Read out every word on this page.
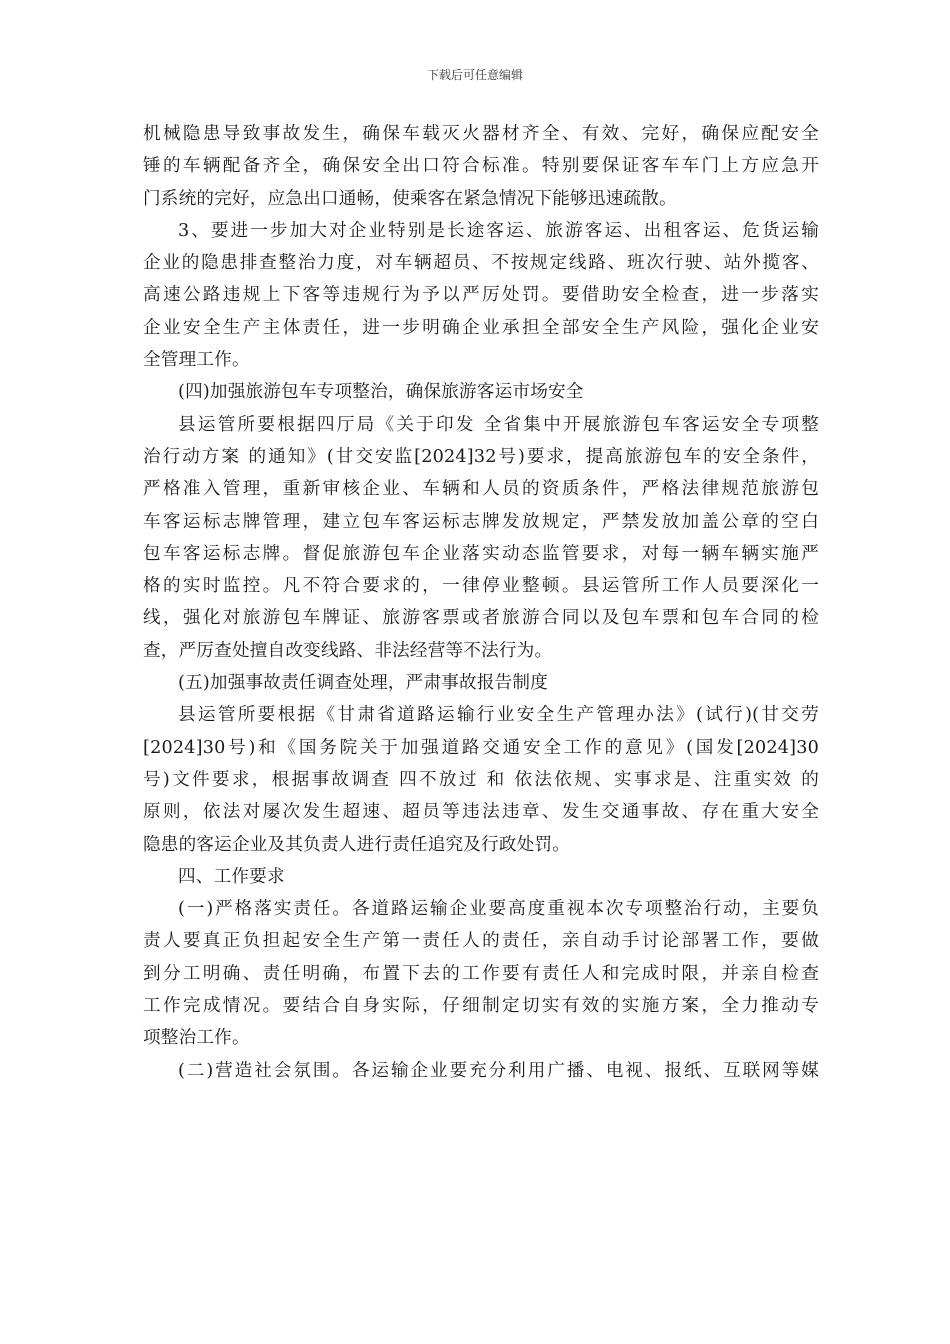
下载后可任意编辑
机械隐患导致事故发生，确保车载灭火器材齐全、有效、完好，确保应配安全
锤的车辆配备齐全，确保安全出口符合标准。特别要保证客车车门上方应急开
门系统的完好，应急出口通畅，使乘客在紧急情况下能够迅速疏散。
3、要进一步加大对企业特别是长途客运、旅游客运、出租客运、危货运输
企业的隐患排查整治力度，对车辆超员、不按规定线路、班次行驶、站外揽客、
高速公路违规上下客等违规行为予以严厉处罚。要借助安全检查，进一步落实
企业安全生产主体责任，进一步明确企业承担全部安全生产风险，强化企业安
全管理工作。
(四)加强旅游包车专项整治，确保旅游客运市场安全
县运管所要根据四厅局《关于印发 全省集中开展旅游包车客运安全专项整
治行动方案 的通知》(甘交安监[2024]32号)要求，提高旅游包车的安全条件，
严格准入管理，重新审核企业、车辆和人员的资质条件，严格法律规范旅游包
车客运标志牌管理，建立包车客运标志牌发放规定，严禁发放加盖公章的空白
包车客运标志牌。督促旅游包车企业落实动态监管要求，对每一辆车辆实施严
格的实时监控。凡不符合要求的，一律停业整顿。县运管所工作人员要深化一
线，强化对旅游包车牌证、旅游客票或者旅游合同以及包车票和包车合同的检
查，严厉查处擅自改变线路、非法经营等不法行为。
(五)加强事故责任调查处理，严肃事故报告制度
县运管所要根据《甘肃省道路运输行业安全生产管理办法》(试行)(甘交劳
[2024]30号)和《国务院关于加强道路交通安全工作的意见》(国发[2024]30
号)文件要求，根据事故调查 四不放过 和 依法依规、实事求是、注重实效 的
原则，依法对屡次发生超速、超员等违法违章、发生交通事故、存在重大安全
隐患的客运企业及其负责人进行责任追究及行政处罚。
四、工作要求
(一)严格落实责任。各道路运输企业要高度重视本次专项整治行动，主要负
责人要真正负担起安全生产第一责任人的责任，亲自动手讨论部署工作，要做
到分工明确、责任明确，布置下去的工作要有责任人和完成时限，并亲自检查
工作完成情况。要结合自身实际，仔细制定切实有效的实施方案，全力推动专
项整治工作。
(二)营造社会氛围。各运输企业要充分利用广播、电视、报纸、互联网等媒
